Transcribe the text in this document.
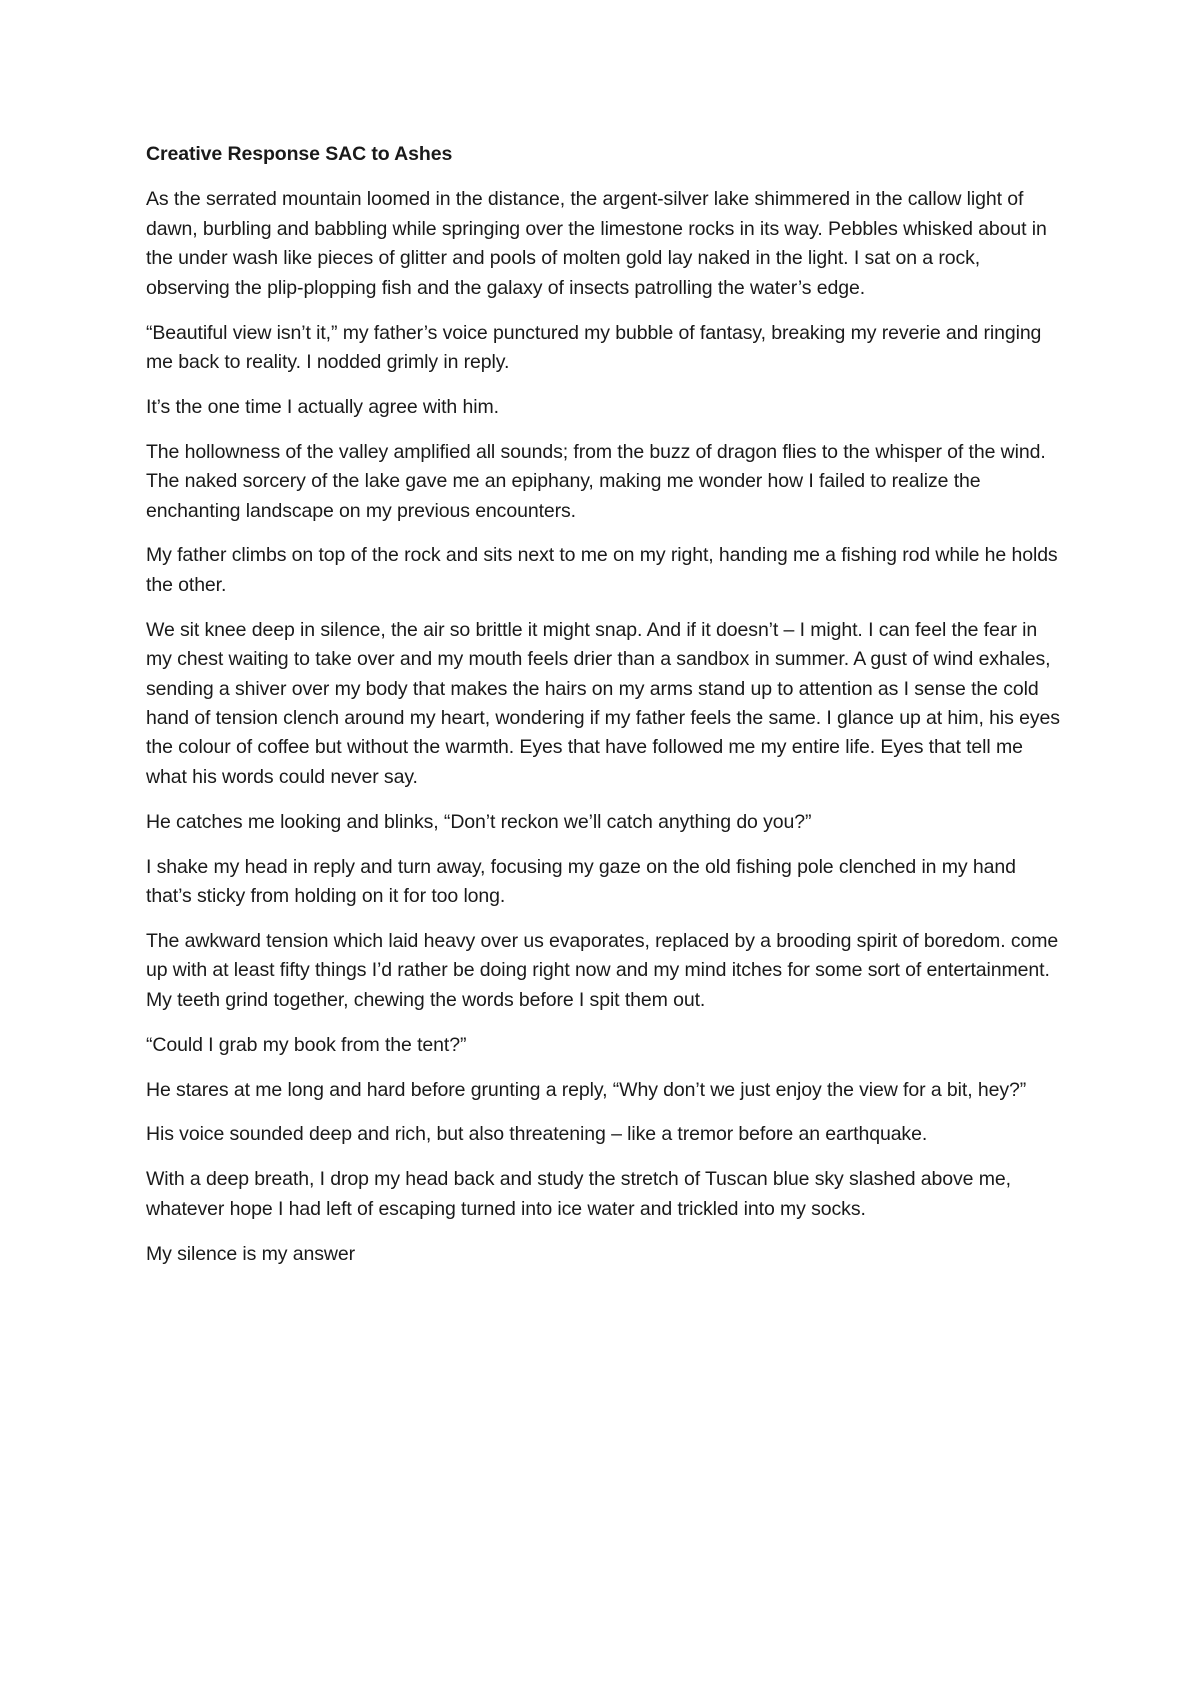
Creative Response SAC to Ashes

As the serrated mountain loomed in the distance, the argent-silver lake shimmered in the callow light of dawn, burbling and babbling while springing over the limestone rocks in its way. Pebbles whisked about in the under wash like pieces of glitter and pools of molten gold lay naked in the light. I sat on a rock, observing the plip-plopping fish and the galaxy of insects patrolling the water’s edge.

“Beautiful view isn’t it,” my father’s voice punctured my bubble of fantasy, breaking my reverie and ringing me back to reality. I nodded grimly in reply.

It’s the one time I actually agree with him.

The hollowness of the valley amplified all sounds; from the buzz of dragon flies to the whisper of the wind. The naked sorcery of the lake gave me an epiphany, making me wonder how I failed to realize the enchanting landscape on my previous encounters.

My father climbs on top of the rock and sits next to me on my right, handing me a fishing rod while he holds the other.

We sit knee deep in silence, the air so brittle it might snap. And if it doesn’t – I might. I can feel the fear in my chest waiting to take over and my mouth feels drier than a sandbox in summer. A gust of wind exhales, sending a shiver over my body that makes the hairs on my arms stand up to attention as I sense the cold hand of tension clench around my heart, wondering if my father feels the same. I glance up at him, his eyes the colour of coffee but without the warmth. Eyes that have followed me my entire life. Eyes that tell me what his words could never say.

He catches me looking and blinks, “Don’t reckon we’ll catch anything do you?”

I shake my head in reply and turn away, focusing my gaze on the old fishing pole clenched in my hand that’s sticky from holding on it for too long.

The awkward tension which laid heavy over us evaporates, replaced by a brooding spirit of boredom. come up with at least fifty things I’d rather be doing right now and my mind itches for some sort of entertainment. My teeth grind together, chewing the words before I spit them out.

“Could I grab my book from the tent?”

He stares at me long and hard before grunting a reply, “Why don’t we just enjoy the view for a bit, hey?”

His voice sounded deep and rich, but also threatening – like a tremor before an earthquake.

With a deep breath, I drop my head back and study the stretch of Tuscan blue sky slashed above me, whatever hope I had left of escaping turned into ice water and trickled into my socks.

My silence is my answer
